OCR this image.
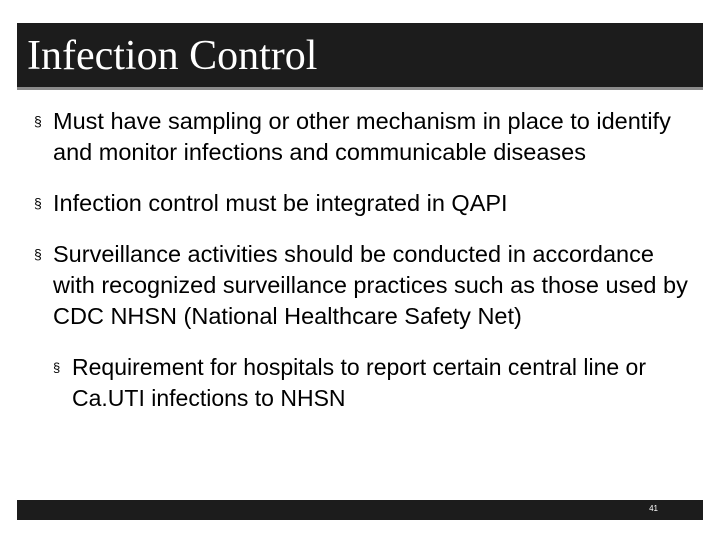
Infection Control
§ Must have sampling or other mechanism in place to identify and monitor infections and communicable diseases
§ Infection control must be integrated in QAPI
§ Surveillance activities should be conducted in accordance with recognized surveillance practices such as those used by CDC NHSN (National Healthcare Safety Net)
§ Requirement for hospitals to report certain central line or Ca.UTI infections to NHSN
41
